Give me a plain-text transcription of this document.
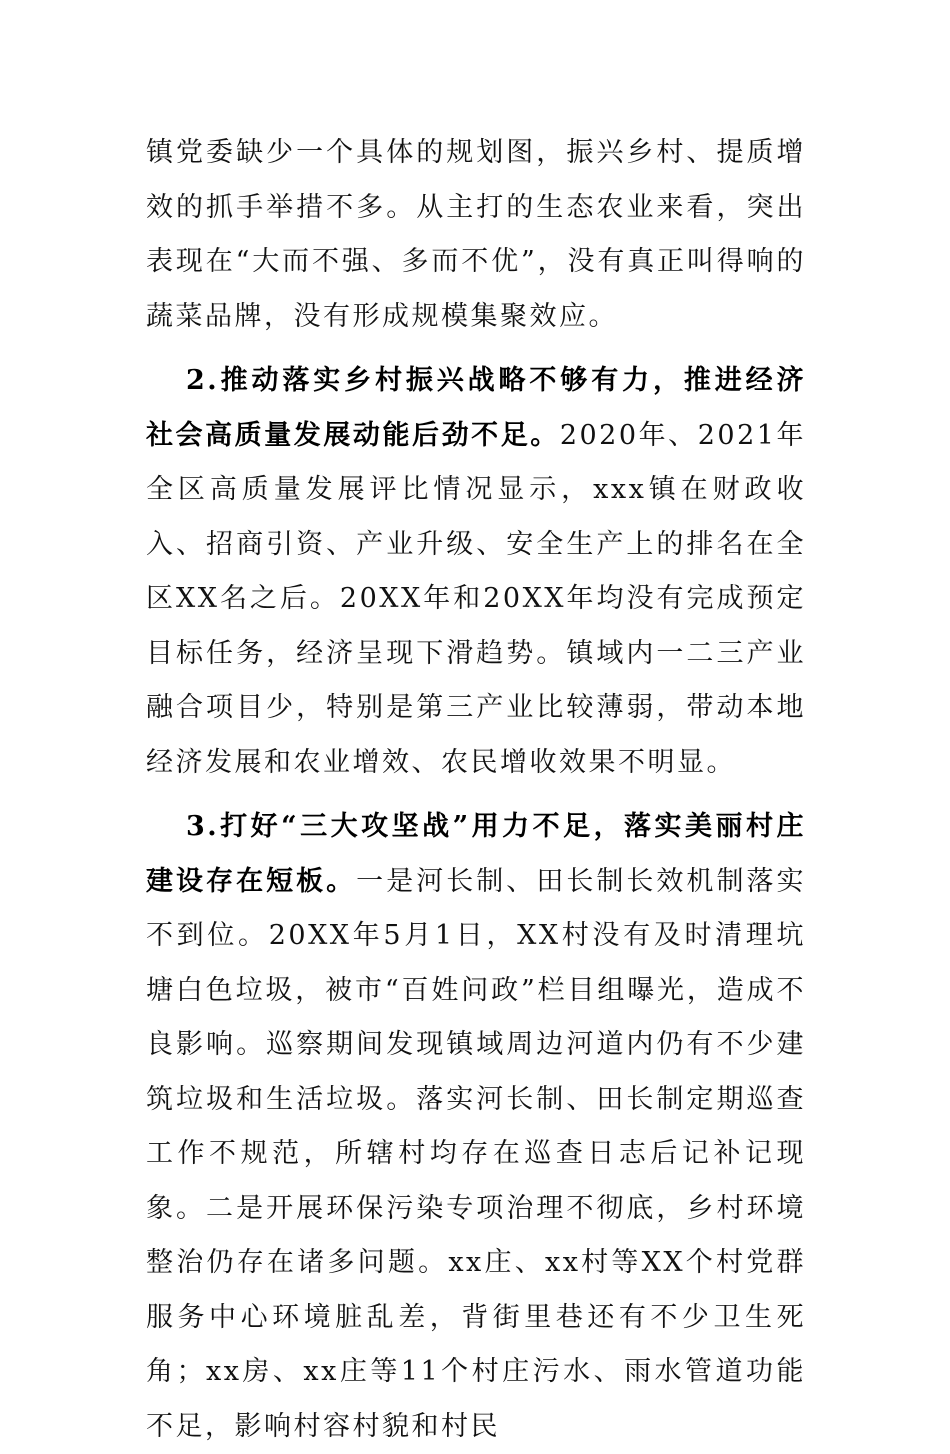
镇党委缺少一个具体的规划图，振兴乡村、提质增效的抓手举措不多。从主打的生态农业来看，突出表现在“大而不强、多而不优”，没有真正叫得响的蔬菜品牌，没有形成规模集聚效应。

2.推动落实乡村振兴战略不够有力，推进经济社会高质量发展动能后劲不足。2020年、2021年全区高质量发展评比情况显示，xxx镇在财政收入、招商引资、产业升级、安全生产上的排名在全区XX名之后。20XX年和20XX年均没有完成预定目标任务，经济呈现下滑趋势。镇域内一二三产业融合项目少，特别是第三产业比较薄弱，带动本地经济发展和农业增效、农民增收效果不明显。

3.打好“三大攻坚战”用力不足，落实美丽村庄建设存在短板。一是河长制、田长制长效机制落实不到位。20XX年5月1日，XX村没有及时清理坑塘白色垃圾，被市“百姓问政”栏目组曝光，造成不良影响。巡察期间发现镇域周边河道内仍有不少建筑垃圾和生活垃圾。落实河长制、田长制定期巡查工作不规范，所辖村均存在巡查日志后记补记现象。二是开展环保污染专项治理不彻底，乡村环境整治仍存在诸多问题。xx庄、xx村等XX个村党群服务中心环境脏乱差，背街里巷还有不少卫生死角；xx房、xx庄等11个村庄污水、雨水管道功能不足，影响村容村貌和村民
